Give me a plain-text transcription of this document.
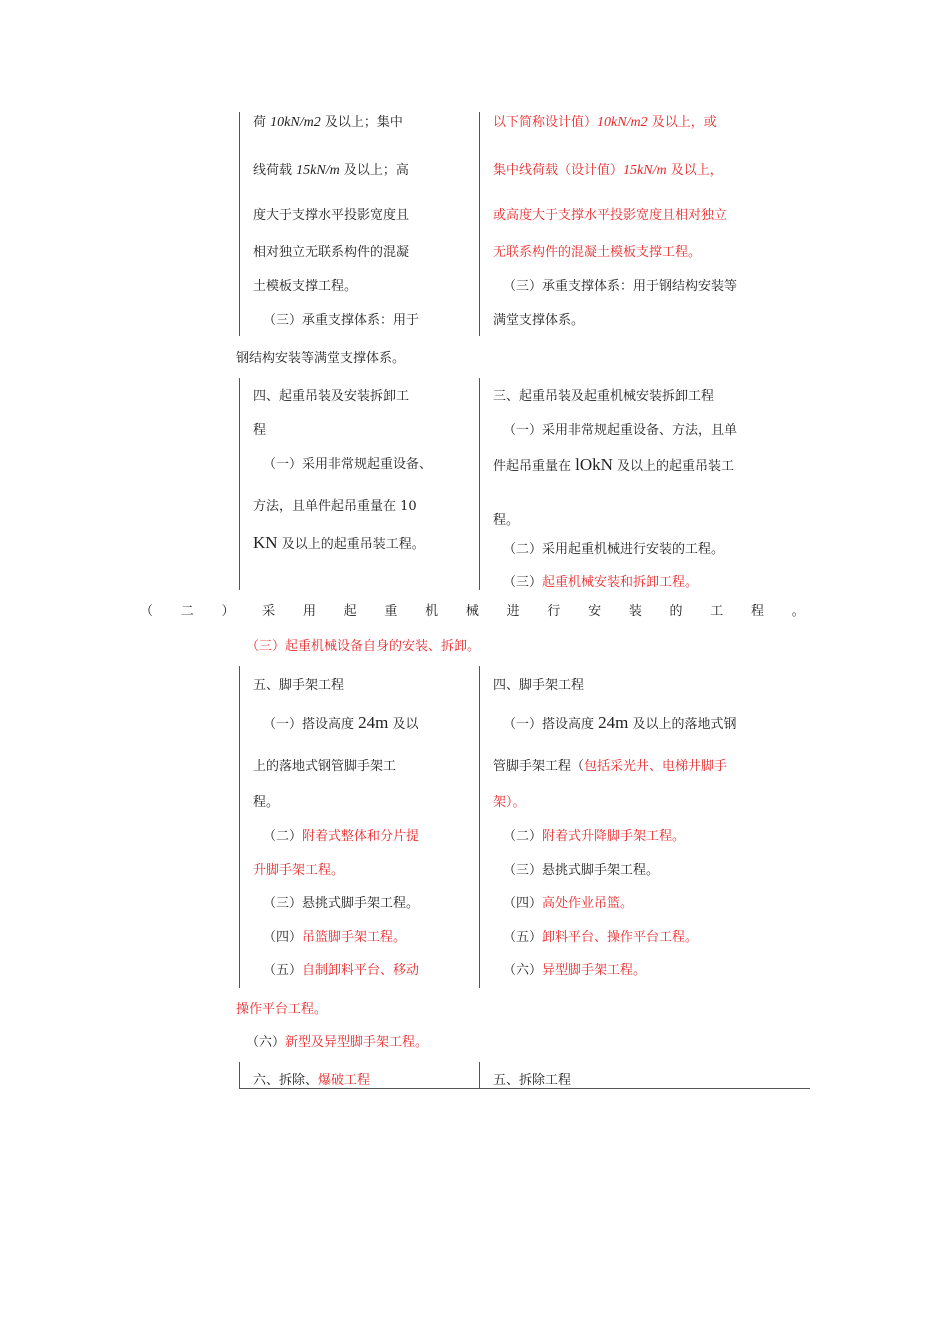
荷 10kN/m2 及以上；集中
线荷载 15kN/m 及以上；高
度大于支撑水平投影宽度且
相对独立无联系构件的混凝
土模板支撑工程。
（三）承重支撑体系：用于
以下简称设计值）10kN/m2 及以上，或
集中线荷载（设计值）15kN/m 及以上，
或高度大于支撑水平投影宽度且相对独立
无联系构件的混凝土模板支撑工程。
（三）承重支撑体系：用于钢结构安装等
满堂支撑体系。
钢结构安装等满堂支撑体系。
四、起重吊装及安装拆卸工
程
（一）采用非常规起重设备、
方法，且单件起吊重量在 10
KN 及以上的起重吊装工程。
三、起重吊装及起重机械安装拆卸工程
（一）采用非常规起重设备、方法，且单
件起吊重量在 lOkN 及以上的起重吊装工
程。
（二）采用起重机械进行安装的工程。
（三）起重机械安装和拆卸工程。
（ 二 ） 采 用 起 重 机 械 进 行 安 装 的 工 程 。
（三）起重机械设备自身的安装、拆卸。
五、脚手架工程
（一）搭设高度 24m 及以
上的落地式钢管脚手架工
程。
（二）附着式整体和分片提
升脚手架工程。
（三）悬挑式脚手架工程。
（四）吊篮脚手架工程。
（五）自制卸料平台、移动
四、脚手架工程
（一）搭设高度 24m 及以上的落地式钢
管脚手架工程（包括采光井、电梯井脚手
架）。
（二）附着式升降脚手架工程。
（三）悬挑式脚手架工程。
（四）高处作业吊篮。
（五）卸料平台、操作平台工程。
（六）异型脚手架工程。
操作平台工程。
（六）新型及异型脚手架工程。
六、拆除、爆破工程	五、拆除工程
